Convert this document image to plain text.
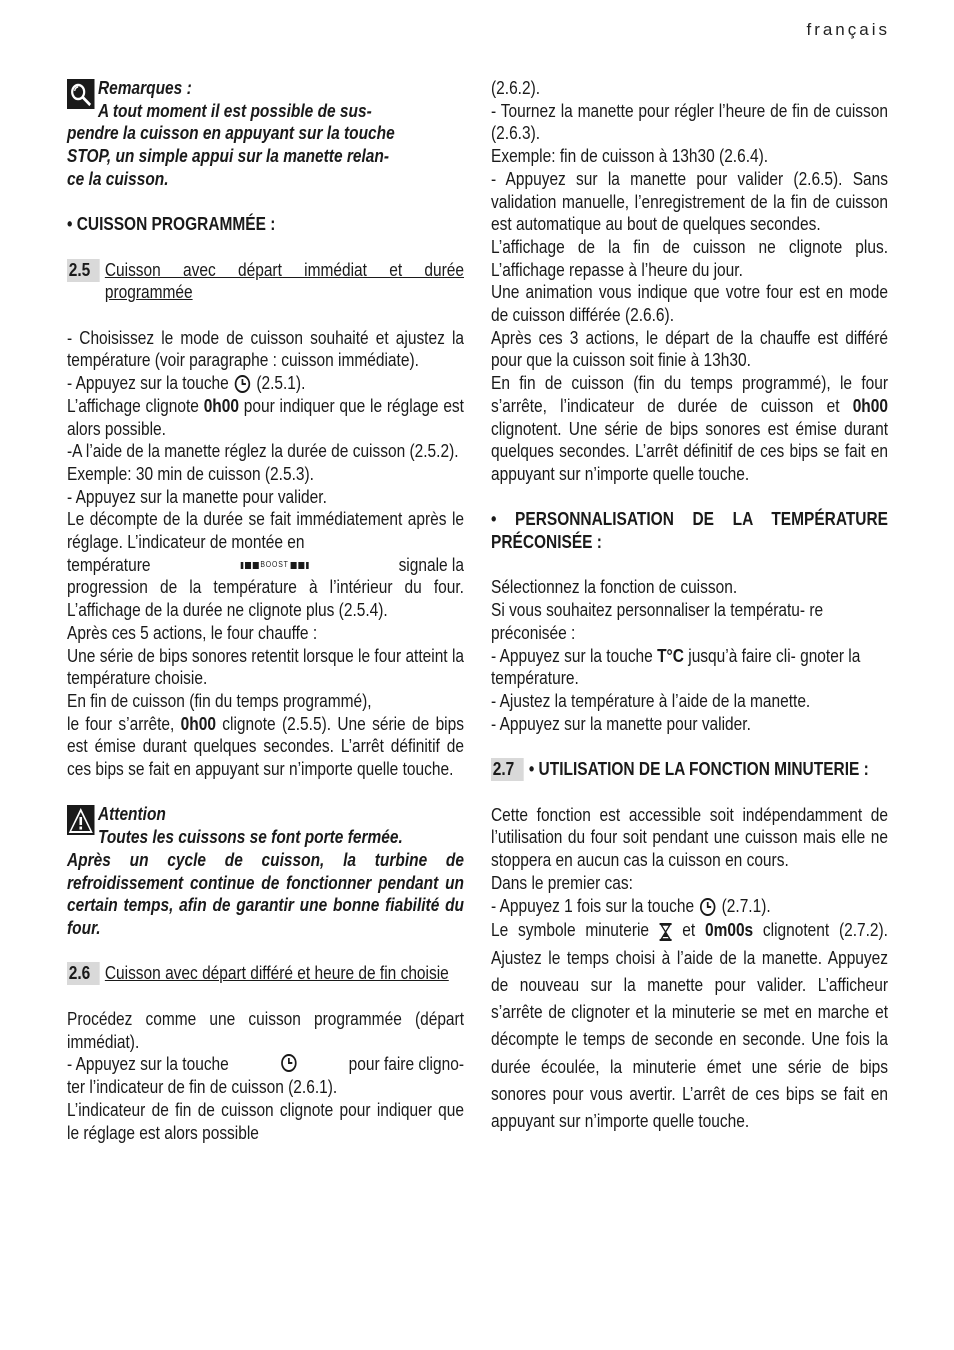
français
Remarques :
A tout moment il est possible de sus-
pendre la cuisson en appuyant sur la touche
STOP, un simple appui sur la manette relan-
ce la cuisson.
• CUISSON PROGRAMMÉE :
2.5 Cuisson avec départ immédiat et durée programmée

- Choisissez le mode de cuisson souhaité et ajustez la température (voir paragraphe : cuisson immédiate).

- Appuyez sur la touche (2.5.1).

L’affichage clignote 0h00 pour indiquer que le réglage est alors possible.

-A l’aide de la manette réglez la durée de cuisson (2.5.2).

Exemple: 30 min de cuisson (2.5.3).

- Appuyez sur la manette pour valider.

Le décompte de la durée se fait immédiatement après le réglage. L’indicateur de montée en

température	BOOST	signale la

progression de la température à l’intérieur du four. L’affichage de la durée ne clignote plus (2.5.4).

Après ces 5 actions, le four chauffe :

Une série de bips sonores retentit lorsque le four atteint la température choisie.

En fin de cuisson (fin du temps programmé),

le four s’arrête, 0h00 clignote (2.5.5). Une série de bips est émise durant quelques secondes. L’arrêt définitif de ces bips se fait en appuyant sur n’importe quelle touche.

Attention
Toutes les cuissons se font porte fermée.
Après un cycle de cuisson, la turbine de refroidissement continue de fonctionner pendant un certain temps, afin de garantir une bonne fiabilité du four.
2.6 Cuisson avec départ différé et heure de fin choisie

Procédez comme une cuisson programmée (départ immédiat).

- Appuyez sur la touche	pour faire cligno-

ter l’indicateur de fin de cuisson (2.6.1).

L’indicateur de fin de cuisson clignote pour indiquer que le réglage est alors possible

(2.6.2).

- Tournez la manette pour régler l’heure de fin de cuisson (2.6.3).

Exemple: fin de cuisson à 13h30 (2.6.4).

- Appuyez sur la manette pour valider (2.6.5). Sans validation manuelle, l’enregistrement de la fin de cuisson est automatique au bout de quelques secondes.

L’affichage de la fin de cuisson ne clignote plus. L’affichage repasse à l’heure du jour.

Une animation vous indique que votre four est en mode de cuisson différée (2.6.6).

Après ces 3 actions, le départ de la chauffe est différé pour que la cuisson soit finie à 13h30.

En fin de cuisson (fin du temps programmé), le four s’arrête, l’indicateur de durée de cuisson et 0h00 clignotent. Une série de bips sonores est émise durant quelques secondes. L’arrêt définitif de ces bips se fait en appuyant sur n’importe quelle touche.

• PERSONNALISATION DE LA TEMPÉRATURE PRÉCONISÉE :

Sélectionnez la fonction de cuisson.

Si vous souhaitez personnaliser la températu- re préconisée :

- Appuyez sur la touche T°C jusqu’à faire cli- gnoter la température.

- Ajustez la température à l’aide de la manette.

- Appuyez sur la manette pour valider.

2.7 • UTILISATION DE LA FONCTION MINUTERIE :

Cette fonction est accessible soit indépendamment de l’utilisation du four soit pendant une cuisson mais elle ne stoppera en aucun cas la cuisson en cours.

Dans le premier cas:

- Appuyez 1 fois sur la touche (2.7.1).

Le symbole minuterie et 0m00s clignotent (2.7.2). Ajustez le temps choisi à l’aide de la manette. Appuyez de nouveau sur la manette pour valider. L’afficheur s’arrête de clignoter et la minuterie se met en marche et décompte le temps de seconde en seconde. Une fois la durée écoulée, la minuterie émet une série de bips sonores pour vous avertir. L’arrêt de ces bips se fait en appuyant sur n’importe quelle touche.
